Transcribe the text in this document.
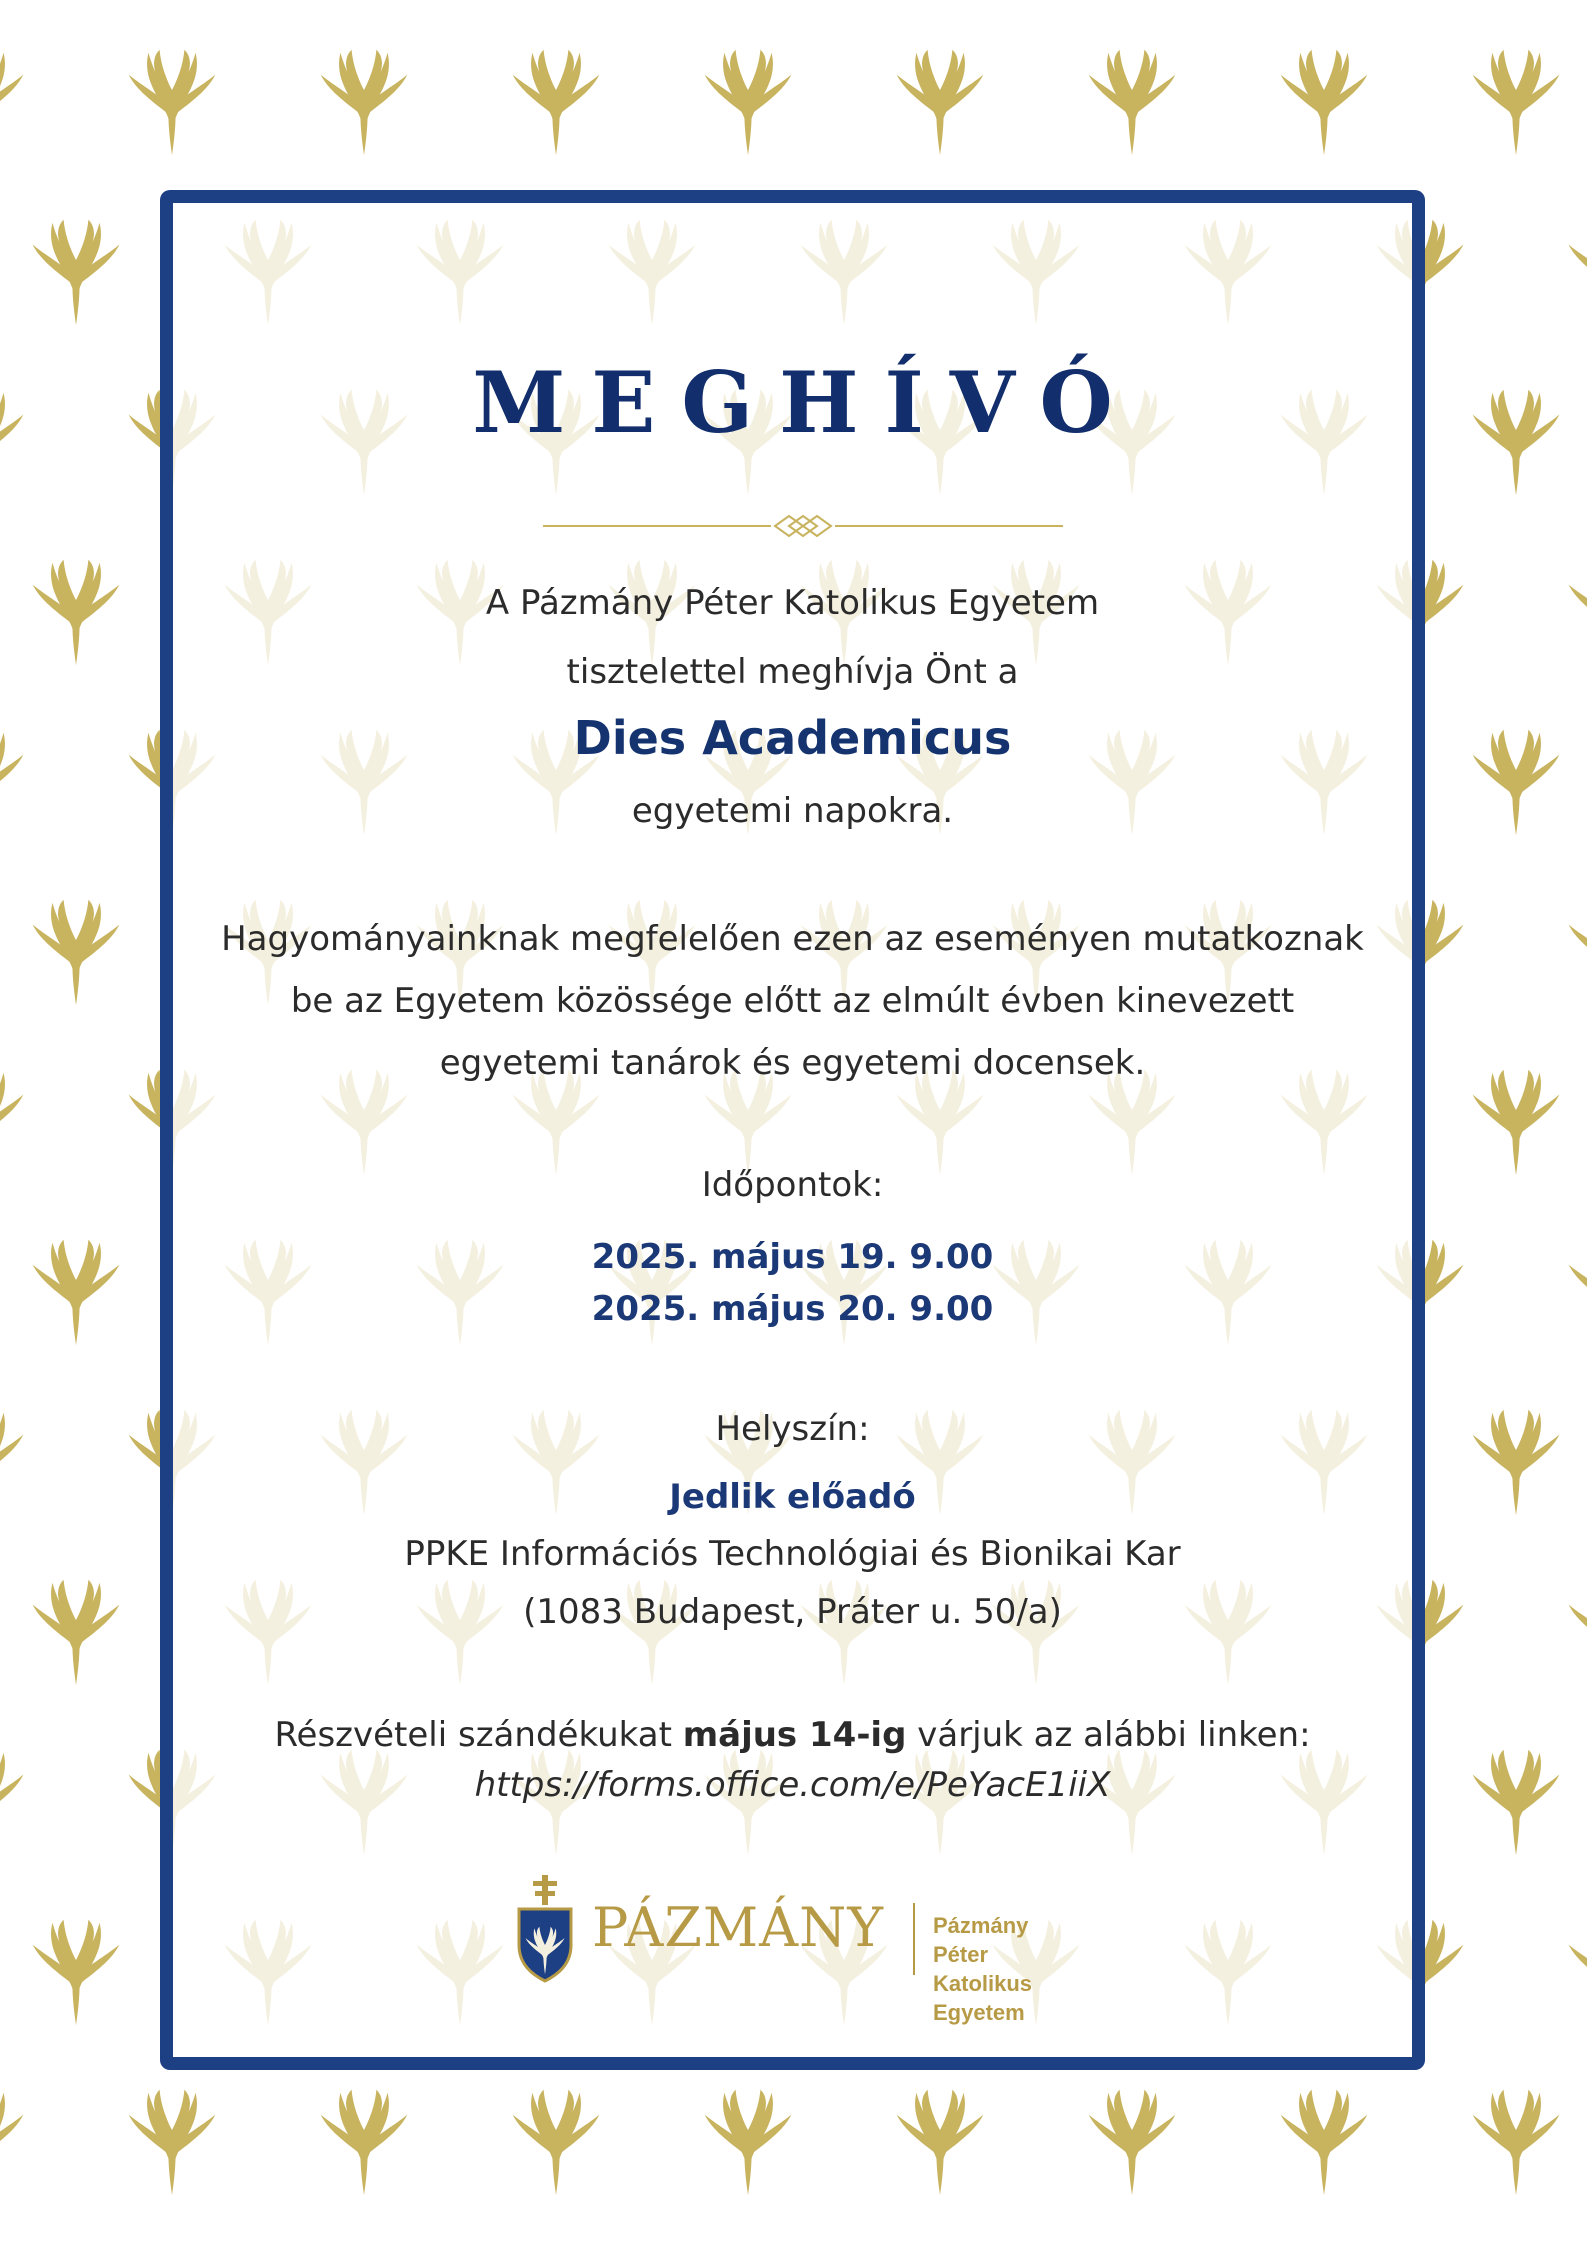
MEGHÍVÓ
A Pázmány Péter Katolikus Egyetem
tisztelettel meghívja Önt a
Dies Academicus
egyetemi napokra.
Hagyományainknak megfelelően ezen az eseményen mutatkoznak
be az Egyetem közössége előtt az elmúlt évben kinevezett
egyetemi tanárok és egyetemi docensek.
Időpontok:
2025. május 19. 9.00
2025. május 20. 9.00
Helyszín:
Jedlik előadó
PPKE Információs Technológiai és Bionikai Kar
(1083 Budapest, Práter u. 50/a)
Részvételi szándékukat május 14-ig várjuk az alábbi linken:
https://forms.office.com/e/PeYacE1iiX

PÁZMÁNY Pázmány Péter
Katolikus Egyetem
